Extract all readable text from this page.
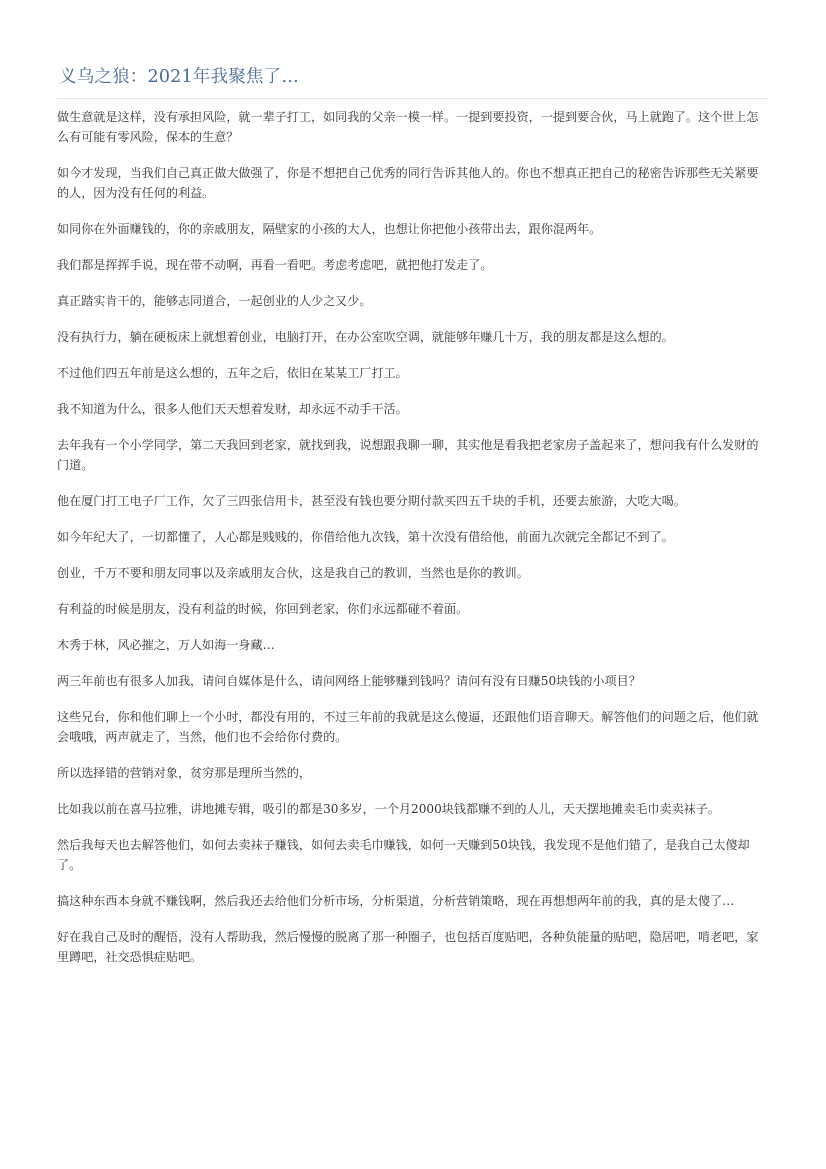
义乌之狼：2021年我聚焦了…

做生意就是这样，没有承担风险，就一辈子打工，如同我的父亲一模一样。一提到要投资，一提到要合伙，马上就跑了。这个世上怎么有可能有零风险，保本的生意？

如今才发现，当我们自己真正做大做强了，你是不想把自己优秀的同行告诉其他人的。你也不想真正把自己的秘密告诉那些无关紧要的人，因为没有任何的利益。

如同你在外面赚钱的，你的亲戚朋友，隔壁家的小孩的大人，也想让你把他小孩带出去，跟你混两年。

我们都是挥挥手说，现在带不动啊，再看一看吧。考虑考虑吧，就把他打发走了。

真正踏实肯干的，能够志同道合，一起创业的人少之又少。

没有执行力，躺在硬板床上就想着创业，电脑打开，在办公室吹空调，就能够年赚几十万，我的朋友都是这么想的。

不过他们四五年前是这么想的，五年之后，依旧在某某工厂打工。

我不知道为什么，很多人他们天天想着发财，却永远不动手干活。

去年我有一个小学同学，第二天我回到老家，就找到我，说想跟我聊一聊，其实他是看我把老家房子盖起来了，想问我有什么发财的门道。

他在厦门打工电子厂工作，欠了三四张信用卡，甚至没有钱也要分期付款买四五千块的手机，还要去旅游，大吃大喝。

如今年纪大了，一切都懂了，人心都是贱贱的，你借给他九次钱，第十次没有借给他，前面九次就完全都记不到了。

创业，千万不要和朋友同事以及亲戚朋友合伙，这是我自己的教训，当然也是你的教训。

有利益的时候是朋友，没有利益的时候，你回到老家，你们永远都碰不着面。

木秀于林，风必摧之，万人如海一身藏…

两三年前也有很多人加我，请问自媒体是什么，请问网络上能够赚到钱吗？请问有没有日赚50块钱的小项目？

这些兄台，你和他们聊上一个小时，都没有用的，不过三年前的我就是这么傻逼，还跟他们语音聊天。解答他们的问题之后，他们就会哦哦，两声就走了，当然，他们也不会给你付费的。

所以选择错的营销对象，贫穷那是理所当然的，

比如我以前在喜马拉雅，讲地摊专辑，吸引的都是30多岁，一个月2000块钱都赚不到的人儿，天天摆地摊卖毛巾卖卖袜子。

然后我每天也去解答他们，如何去卖袜子赚钱，如何去卖毛巾赚钱，如何一天赚到50块钱，我发现不是他们错了，是我自己太傻却了。

搞这种东西本身就不赚钱啊，然后我还去给他们分析市场，分析渠道，分析营销策略，现在再想想两年前的我，真的是太傻了…

好在我自己及时的醒悟，没有人帮助我，然后慢慢的脱离了那一种圈子，也包括百度贴吧，各种负能量的贴吧，隐居吧，啃老吧，家里蹲吧，社交恐惧症贴吧。
